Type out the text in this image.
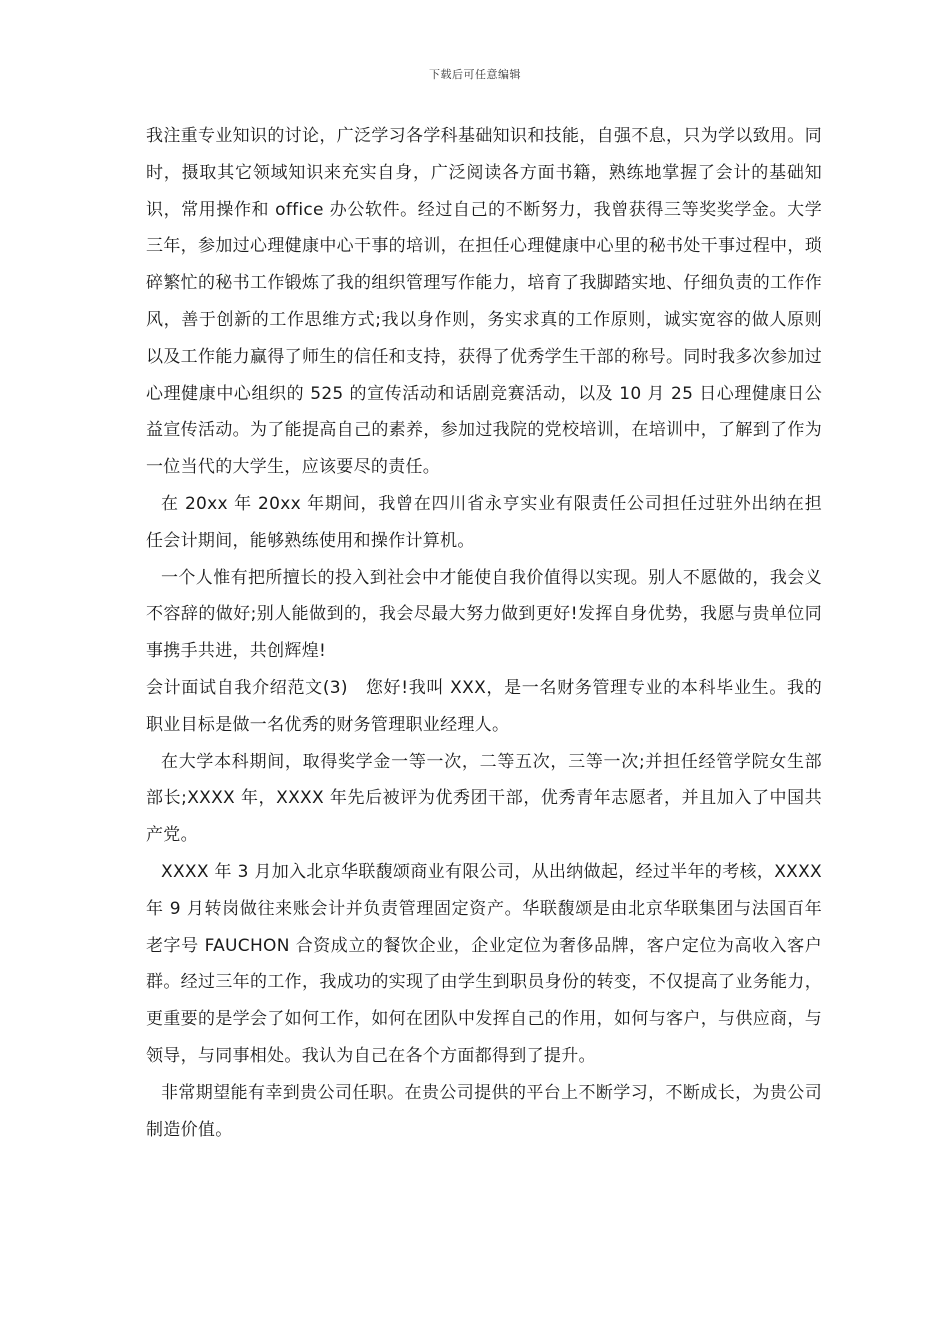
下载后可任意编辑

我注重专业知识的讨论，广泛学习各学科基础知识和技能，自强不息，只为学以致用。同时，摄取其它领域知识来充实自身，广泛阅读各方面书籍，熟练地掌握了会计的基础知识，常用操作和 office 办公软件。经过自己的不断努力，我曾获得三等奖奖学金。大学三年，参加过心理健康中心干事的培训，在担任心理健康中心里的秘书处干事过程中，琐碎繁忙的秘书工作锻炼了我的组织管理写作能力，培育了我脚踏实地、仔细负责的工作作风，善于创新的工作思维方式;我以身作则，务实求真的工作原则，诚实宽容的做人原则以及工作能力赢得了师生的信任和支持，获得了优秀学生干部的称号。同时我多次参加过心理健康中心组织的 525 的宣传活动和话剧竞赛活动，以及 10 月 25 日心理健康日公益宣传活动。为了能提高自己的素养，参加过我院的党校培训，在培训中，了解到了作为一位当代的大学生，应该要尽的责任。

在 20xx 年 20xx 年期间，我曾在四川省永亨实业有限责任公司担任过驻外出纳在担任会计期间，能够熟练使用和操作计算机。

一个人惟有把所擅长的投入到社会中才能使自我价值得以实现。别人不愿做的，我会义不容辞的做好;别人能做到的，我会尽最大努力做到更好!发挥自身优势，我愿与贵单位同事携手共进，共创辉煌!

会计面试自我介绍范文(3)　您好!我叫 XXX，是一名财务管理专业的本科毕业生。我的职业目标是做一名优秀的财务管理职业经理人。

在大学本科期间，取得奖学金一等一次，二等五次，三等一次;并担任经管学院女生部部长;XXXX 年，XXXX 年先后被评为优秀团干部，优秀青年志愿者，并且加入了中国共产党。

XXXX 年 3 月加入北京华联馥颂商业有限公司，从出纳做起，经过半年的考核，XXXX 年 9 月转岗做往来账会计并负责管理固定资产。华联馥颂是由北京华联集团与法国百年老字号 FAUCHON 合资成立的餐饮企业，企业定位为奢侈品牌，客户定位为高收入客户群。经过三年的工作，我成功的实现了由学生到职员身份的转变，不仅提高了业务能力，更重要的是学会了如何工作，如何在团队中发挥自己的作用，如何与客户，与供应商，与领导，与同事相处。我认为自己在各个方面都得到了提升。

非常期望能有幸到贵公司任职。在贵公司提供的平台上不断学习，不断成长，为贵公司制造价值。
